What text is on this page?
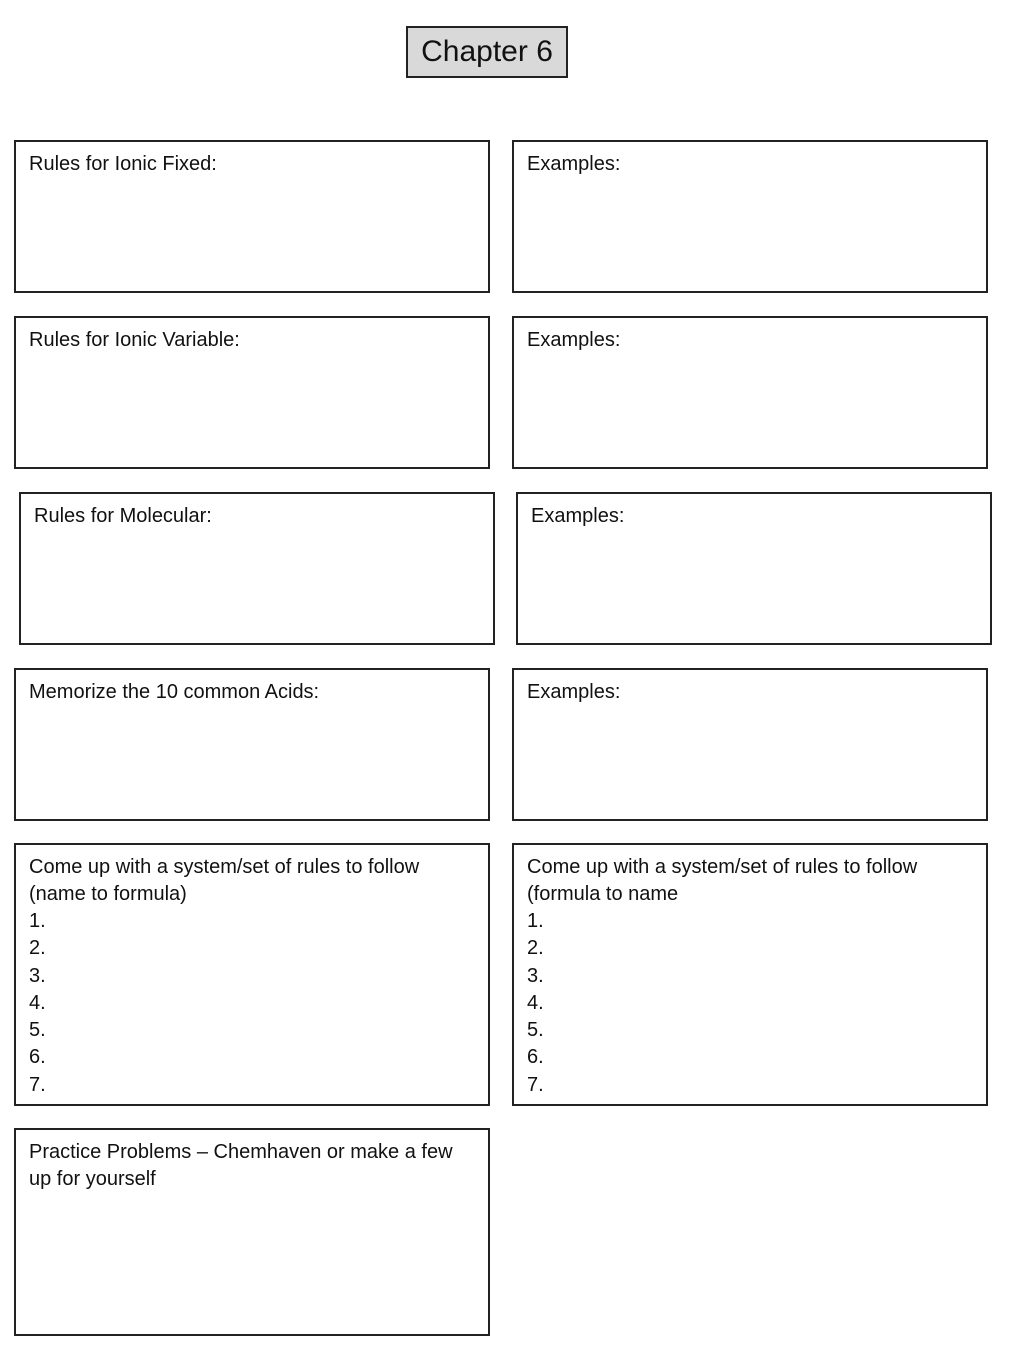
Chapter 6
Rules for Ionic Fixed:	Examples:
Rules for Ionic Variable:	Examples:
Rules for Molecular:	Examples:
Memorize the 10 common Acids:	Examples:
Come up with a system/set of rules to follow
(name to formula)
1.
2.
3.
4.
5.
6.
7.
Come up with a system/set of rules to follow
(formula to name
1.
2.
3.
4.
5.
6.
7.
Practice Problems – Chemhaven or make a few
up for yourself
